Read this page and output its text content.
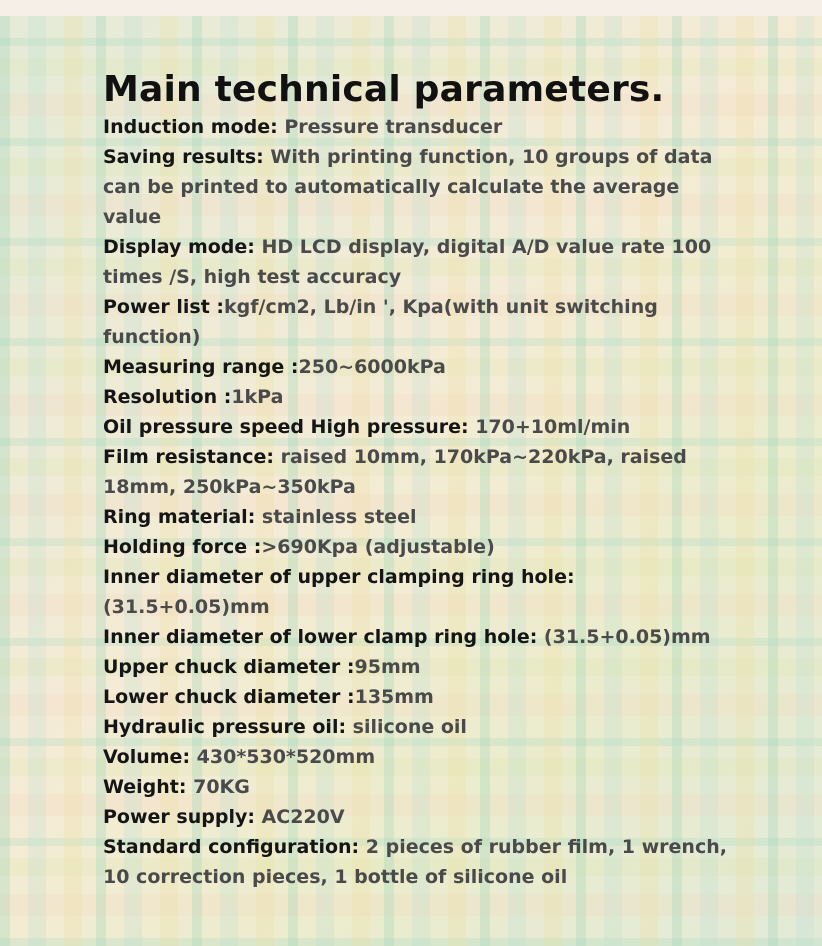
Main technical parameters.
Induction mode: Pressure transducer
Saving results: With printing function, 10 groups of data can be printed to automatically calculate the average value
Display mode: HD LCD display, digital A/D value rate 100 times /S, high test accuracy
Power list :kgf/cm2, Lb/in ', Kpa(with unit switching function)
Measuring range :250~6000kPa
Resolution :1kPa
Oil pressure speed High pressure: 170+10ml/min
Film resistance: raised 10mm, 170kPa~220kPa, raised 18mm, 250kPa~350kPa
Ring material: stainless steel
Holding force :>690Kpa (adjustable)
Inner diameter of upper clamping ring hole: (31.5+0.05)mm
Inner diameter of lower clamp ring hole: (31.5+0.05)mm
Upper chuck diameter :95mm
Lower chuck diameter :135mm
Hydraulic pressure oil: silicone oil
Volume: 430*530*520mm
Weight: 70KG
Power supply: AC220V
Standard configuration: 2 pieces of rubber film, 1 wrench, 10 correction pieces, 1 bottle of silicone oil
